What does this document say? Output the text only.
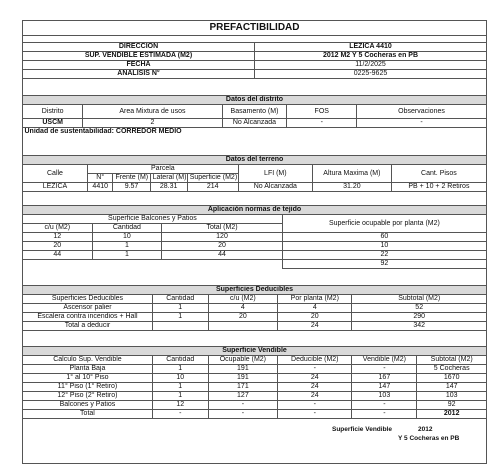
PREFACTIBILIDAD	

DIRECCION	LEZICA 4410
SUP. VENDIBLE ESTIMADA (M2)	2012 M2 Y 5 Cocheras en PB
FECHA	11/2/2025
ANALISIS N°	0225-9625
Datos del distrito				
Distrito	Area Mixtura de usos	Basamento (M)	FOS	Observaciones
USCM	2	No Alcanzada	-	-
Unidad de sustentabilidad: CORREDOR MEDIO				
Datos del terreno							
Calle	Parcela				LFI (M)	Altura Maxima (M)	Cant. Pisos
	N°	Frente (M)	Lateral (M)	Superficie (M2)			
LEZICA	4410	9.57	28.31	214	No Alcanzada	31.20	PB + 10 + 2 Retiros
Aplicación normas de tejido			
Superficie Balcones y Patios			Superficie ocupable por planta (M2)
c/u (M2)	Cantidad	Total (M2)	
12	10	120	60
20	1	20	10
44	1	44	22
			92
Superficies Deducibles				
Superficies Deducibles	Cantidad	c/u (M2)	Por planta (M2)	Subtotal (M2)
Ascensor palier	1	4	4	52
Escalera contra incendios + Hall	1	20	20	290
Total a deducir			24	342
Superficie Vendible					
Calculo Sup. Vendible	Cantidad	Ocupable (M2)	Deducible (M2)	Vendible (M2)	Subtotal (M2)
Planta Baja	1	191	-	-	5 Cocheras
1° al 10° Piso	10	191	24	167	1670
11° Piso (1° Retiro)	1	171	24	147	147
12° Piso (2° Retiro)	1	127	24	103	103
Balcones y Patios	12	-	-	-	92
Total	-	-	-	-	2012
Superficie Vendible	2012
Y 5 Cocheras en PB
